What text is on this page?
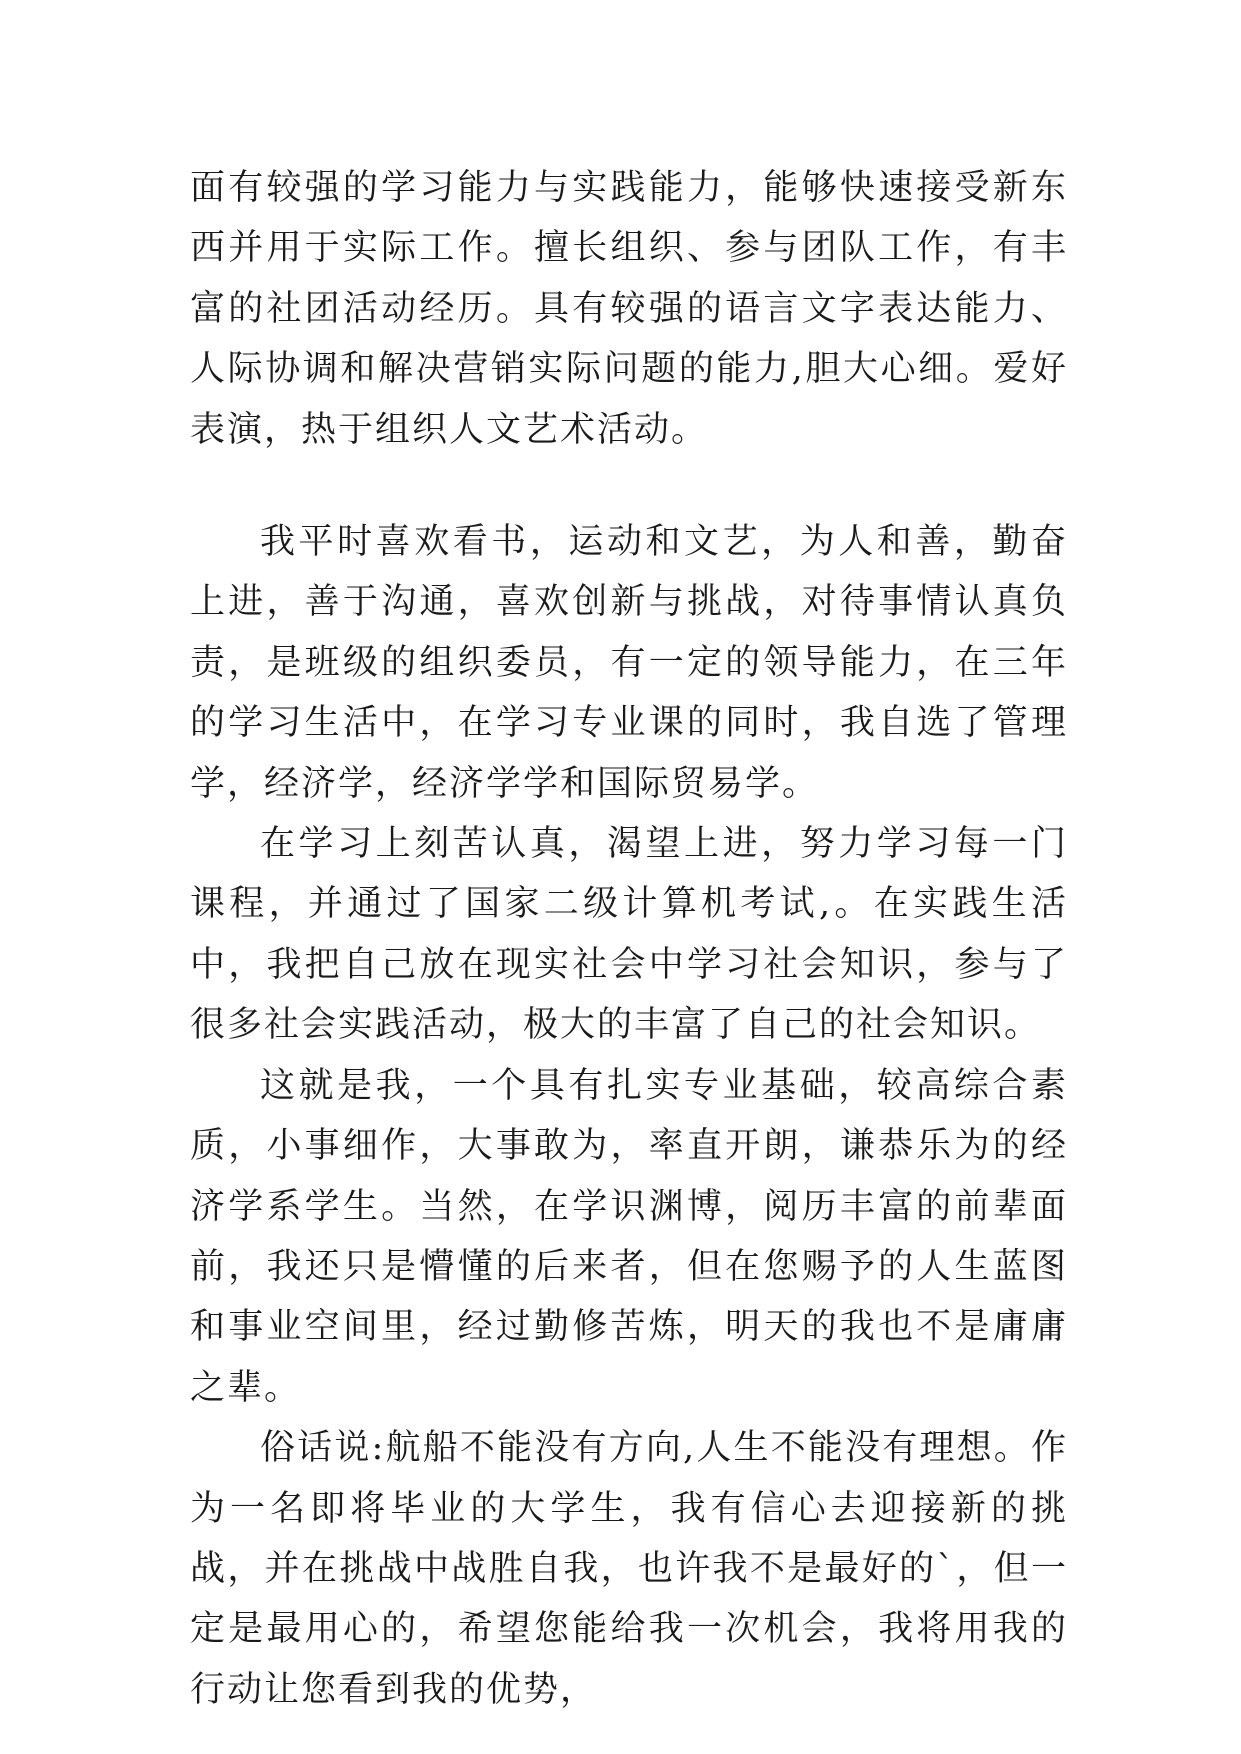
面有较强的学习能力与实践能力，能够快速接受新东西并用于实际工作。擅长组织、参与团队工作，有丰富的社团活动经历。具有较强的语言文字表达能力、人际协调和解决营销实际问题的能力,胆大心细。爱好表演，热于组织人文艺术活动。

我平时喜欢看书，运动和文艺，为人和善，勤奋上进，善于沟通，喜欢创新与挑战，对待事情认真负责，是班级的组织委员，有一定的领导能力，在三年的学习生活中，在学习专业课的同时，我自选了管理学，经济学，经济学学和国际贸易学。

在学习上刻苦认真，渴望上进，努力学习每一门课程，并通过了国家二级计算机考试,。在实践生活中，我把自己放在现实社会中学习社会知识，参与了很多社会实践活动，极大的丰富了自己的社会知识。

这就是我，一个具有扎实专业基础，较高综合素质，小事细作，大事敢为，率直开朗，谦恭乐为的经济学系学生。当然，在学识渊博，阅历丰富的前辈面前，我还只是懵懂的后来者，但在您赐予的人生蓝图和事业空间里，经过勤修苦炼，明天的我也不是庸庸之辈。

俗话说:航船不能没有方向,人生不能没有理想。作为一名即将毕业的大学生，我有信心去迎接新的挑战，并在挑战中战胜自我，也许我不是最好的`，但一定是最用心的，希望您能给我一次机会，我将用我的行动让您看到我的优势，
